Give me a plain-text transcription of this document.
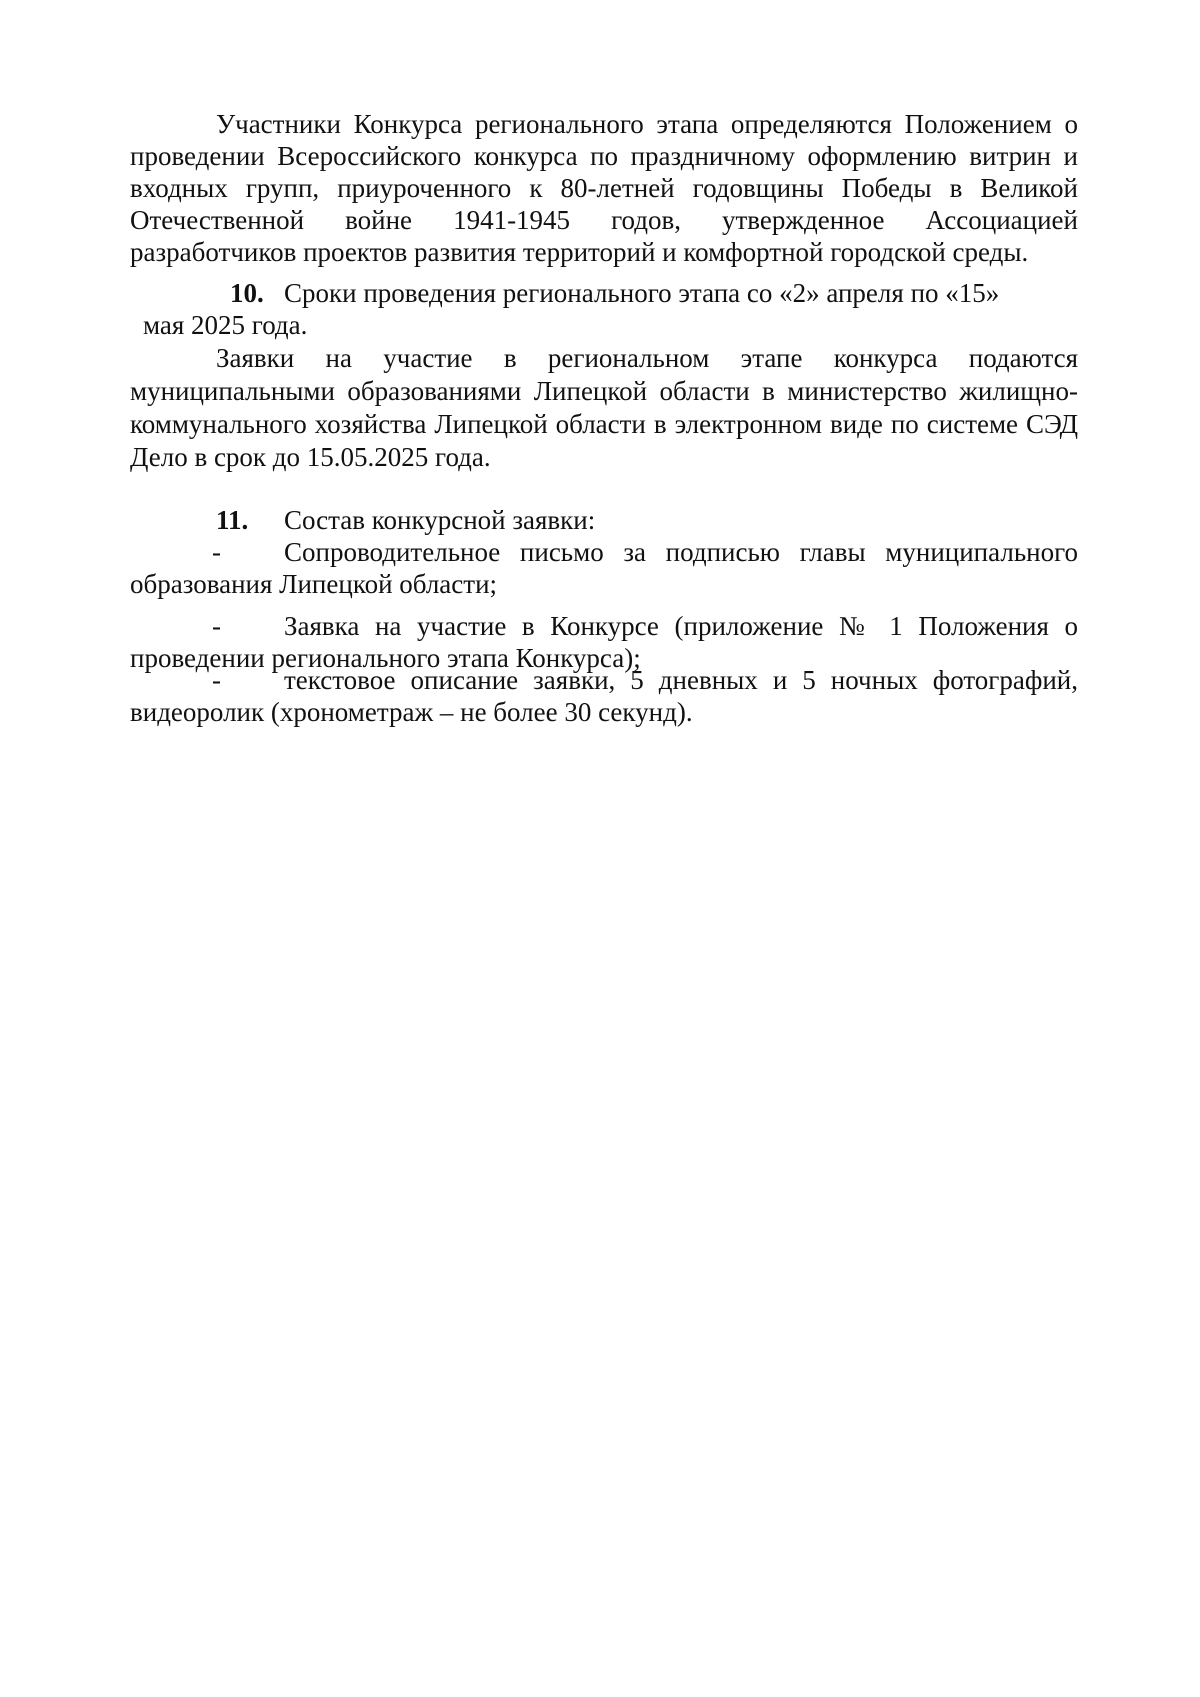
Участники Конкурса регионального этапа определяются Положением о проведении Всероссийского конкурса по праздничному оформлению витрин и входных групп, приуроченного к 80-летней годовщины Победы в Великой Отечественной войне 1941-1945 годов, утвержденное Ассоциацией разработчиков проектов развития территорий и комфортной городской среды.

10. Сроки проведения регионального этапа со «2» апреля по «15»
мая 2025 года.

Заявки на участие в региональном этапе конкурса подаются муниципальными образованиями Липецкой области в министерство жилищно-коммунального хозяйства Липецкой области в электронном виде по системе СЭД Дело в срок до 15.05.2025 года.

11. Состав конкурсной заявки:
-	Сопроводительное письмо за подписью главы муниципального образования Липецкой области;

-	Заявка на участие в Конкурсе (приложение № 1 Положения о проведении регионального этапа Конкурса);

-	текстовое описание заявки, 5 дневных и 5 ночных фотографий, видеоролик (хронометраж – не более 30 секунд).
